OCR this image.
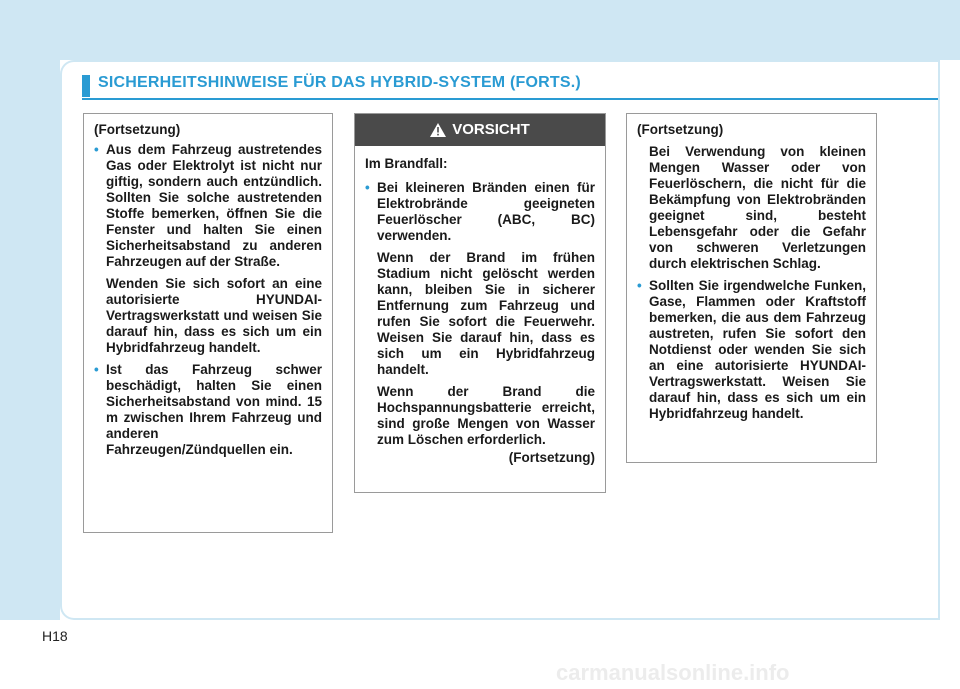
SICHERHEITSHINWEISE FÜR DAS HYBRID-SYSTEM (FORTS.)
(Fortsetzung)
• Aus dem Fahrzeug austretendes Gas oder Elektrolyt ist nicht nur giftig, sondern auch entzündlich. Sollten Sie solche austretenden Stoffe bemerken, öffnen Sie die Fenster und halten Sie einen Sicherheitsabstand zu anderen Fahrzeugen auf der Straße.
Wenden Sie sich sofort an eine autorisierte HYUNDAI-Vertragswerkstatt und weisen Sie darauf hin, dass es sich um ein Hybridfahrzeug handelt.
• Ist das Fahrzeug schwer beschädigt, halten Sie einen Sicherheitsabstand von mind. 15 m zwischen Ihrem Fahrzeug und anderen Fahrzeugen/Zündquellen ein.
VORSICHT
Im Brandfall:
• Bei kleineren Bränden einen für Elektrobrände geeigneten Feuerlöscher (ABC, BC) verwenden.
Wenn der Brand im frühen Stadium nicht gelöscht werden kann, bleiben Sie in sicherer Entfernung zum Fahrzeug und rufen Sie sofort die Feuerwehr. Weisen Sie darauf hin, dass es sich um ein Hybridfahrzeug handelt.
Wenn der Brand die Hochspannungsbatterie erreicht, sind große Mengen von Wasser zum Löschen erforderlich.
(Fortsetzung)
(Fortsetzung)
Bei Verwendung von kleinen Mengen Wasser oder von Feuerlöschern, die nicht für die Bekämpfung von Elektrobränden geeignet sind, besteht Lebensgefahr oder die Gefahr von schweren Verletzungen durch elektrischen Schlag.
• Sollten Sie irgendwelche Funken, Gase, Flammen oder Kraftstoff bemerken, die aus dem Fahrzeug austreten, rufen Sie sofort den Notdienst oder wenden Sie sich an eine autorisierte HYUNDAI-Vertragswerkstatt. Weisen Sie darauf hin, dass es sich um ein Hybridfahrzeug handelt.
H18
carmanualsonline.info
